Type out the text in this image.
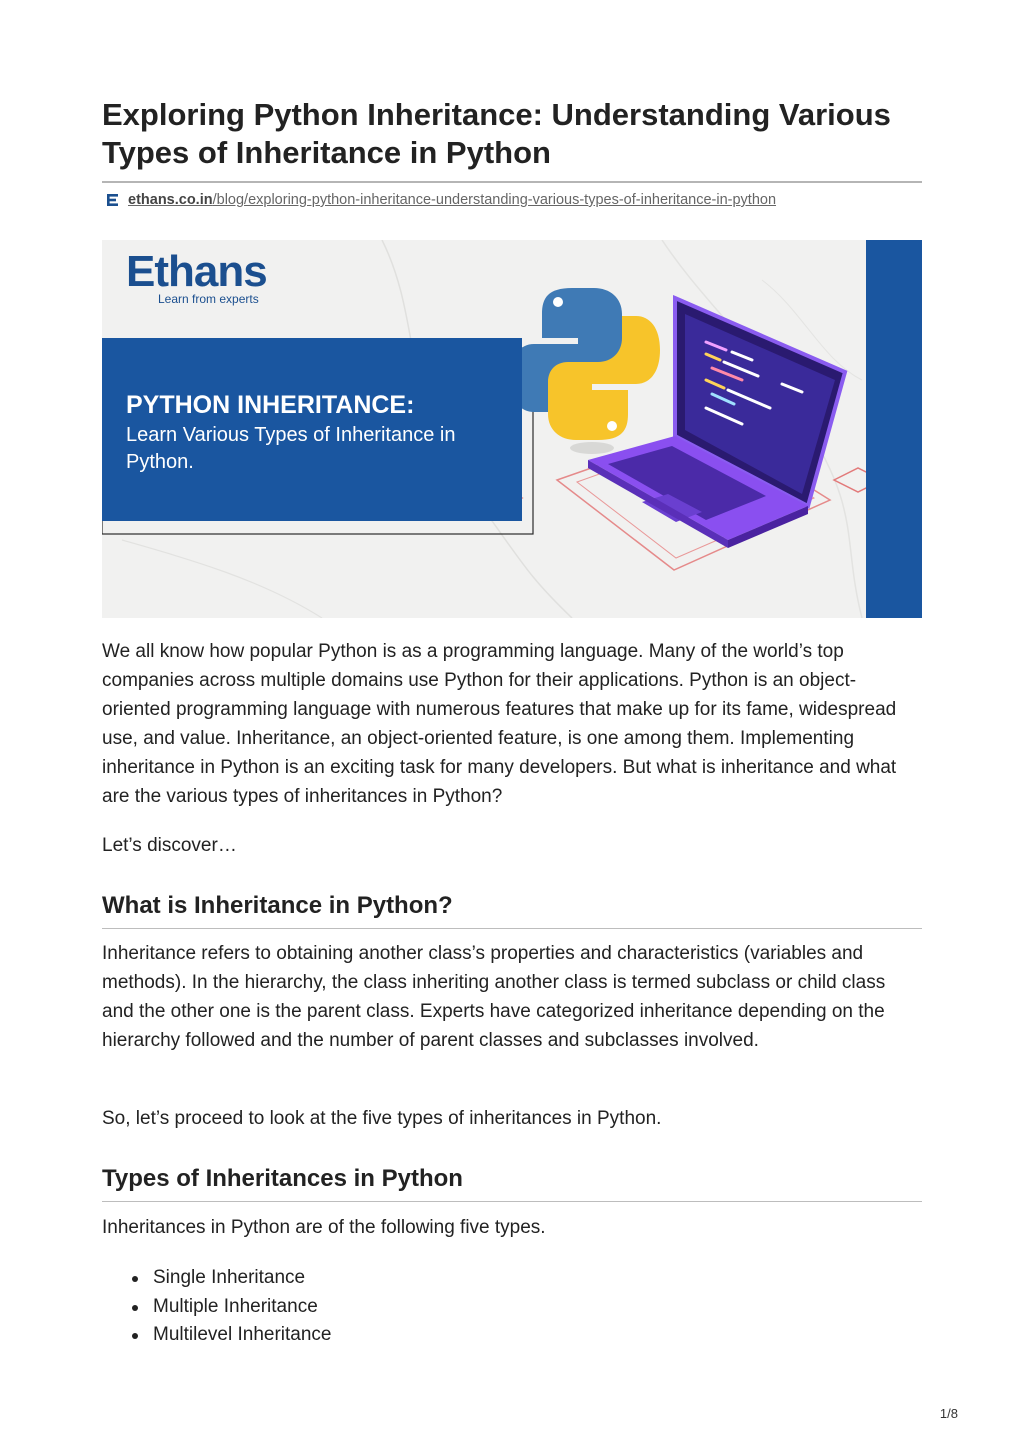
Exploring Python Inheritance: Understanding Various Types of Inheritance in Python
ethans.co.in/blog/exploring-python-inheritance-understanding-various-types-of-inheritance-in-python
Ethans
Learn from experts

PYTHON INHERITANCE:

Learn Various Types of Inheritance in Python.

We all know how popular Python is as a programming language. Many of the world’s top companies across multiple domains use Python for their applications. Python is an object-oriented programming language with numerous features that make up for its fame, widespread use, and value. Inheritance, an object-oriented feature, is one among them. Implementing inheritance in Python is an exciting task for many developers. But what is inheritance and what are the various types of inheritances in Python?

Let’s discover…

What is Inheritance in Python?

Inheritance refers to obtaining another class’s properties and characteristics (variables and methods). In the hierarchy, the class inheriting another class is termed subclass or child class and the other one is the parent class. Experts have categorized inheritance depending on the hierarchy followed and the number of parent classes and subclasses involved.

So, let’s proceed to look at the five types of inheritances in Python.

Types of Inheritances in Python

Inheritances in Python are of the following five types.

Single Inheritance
Multiple Inheritance
Multilevel Inheritance
1/8
